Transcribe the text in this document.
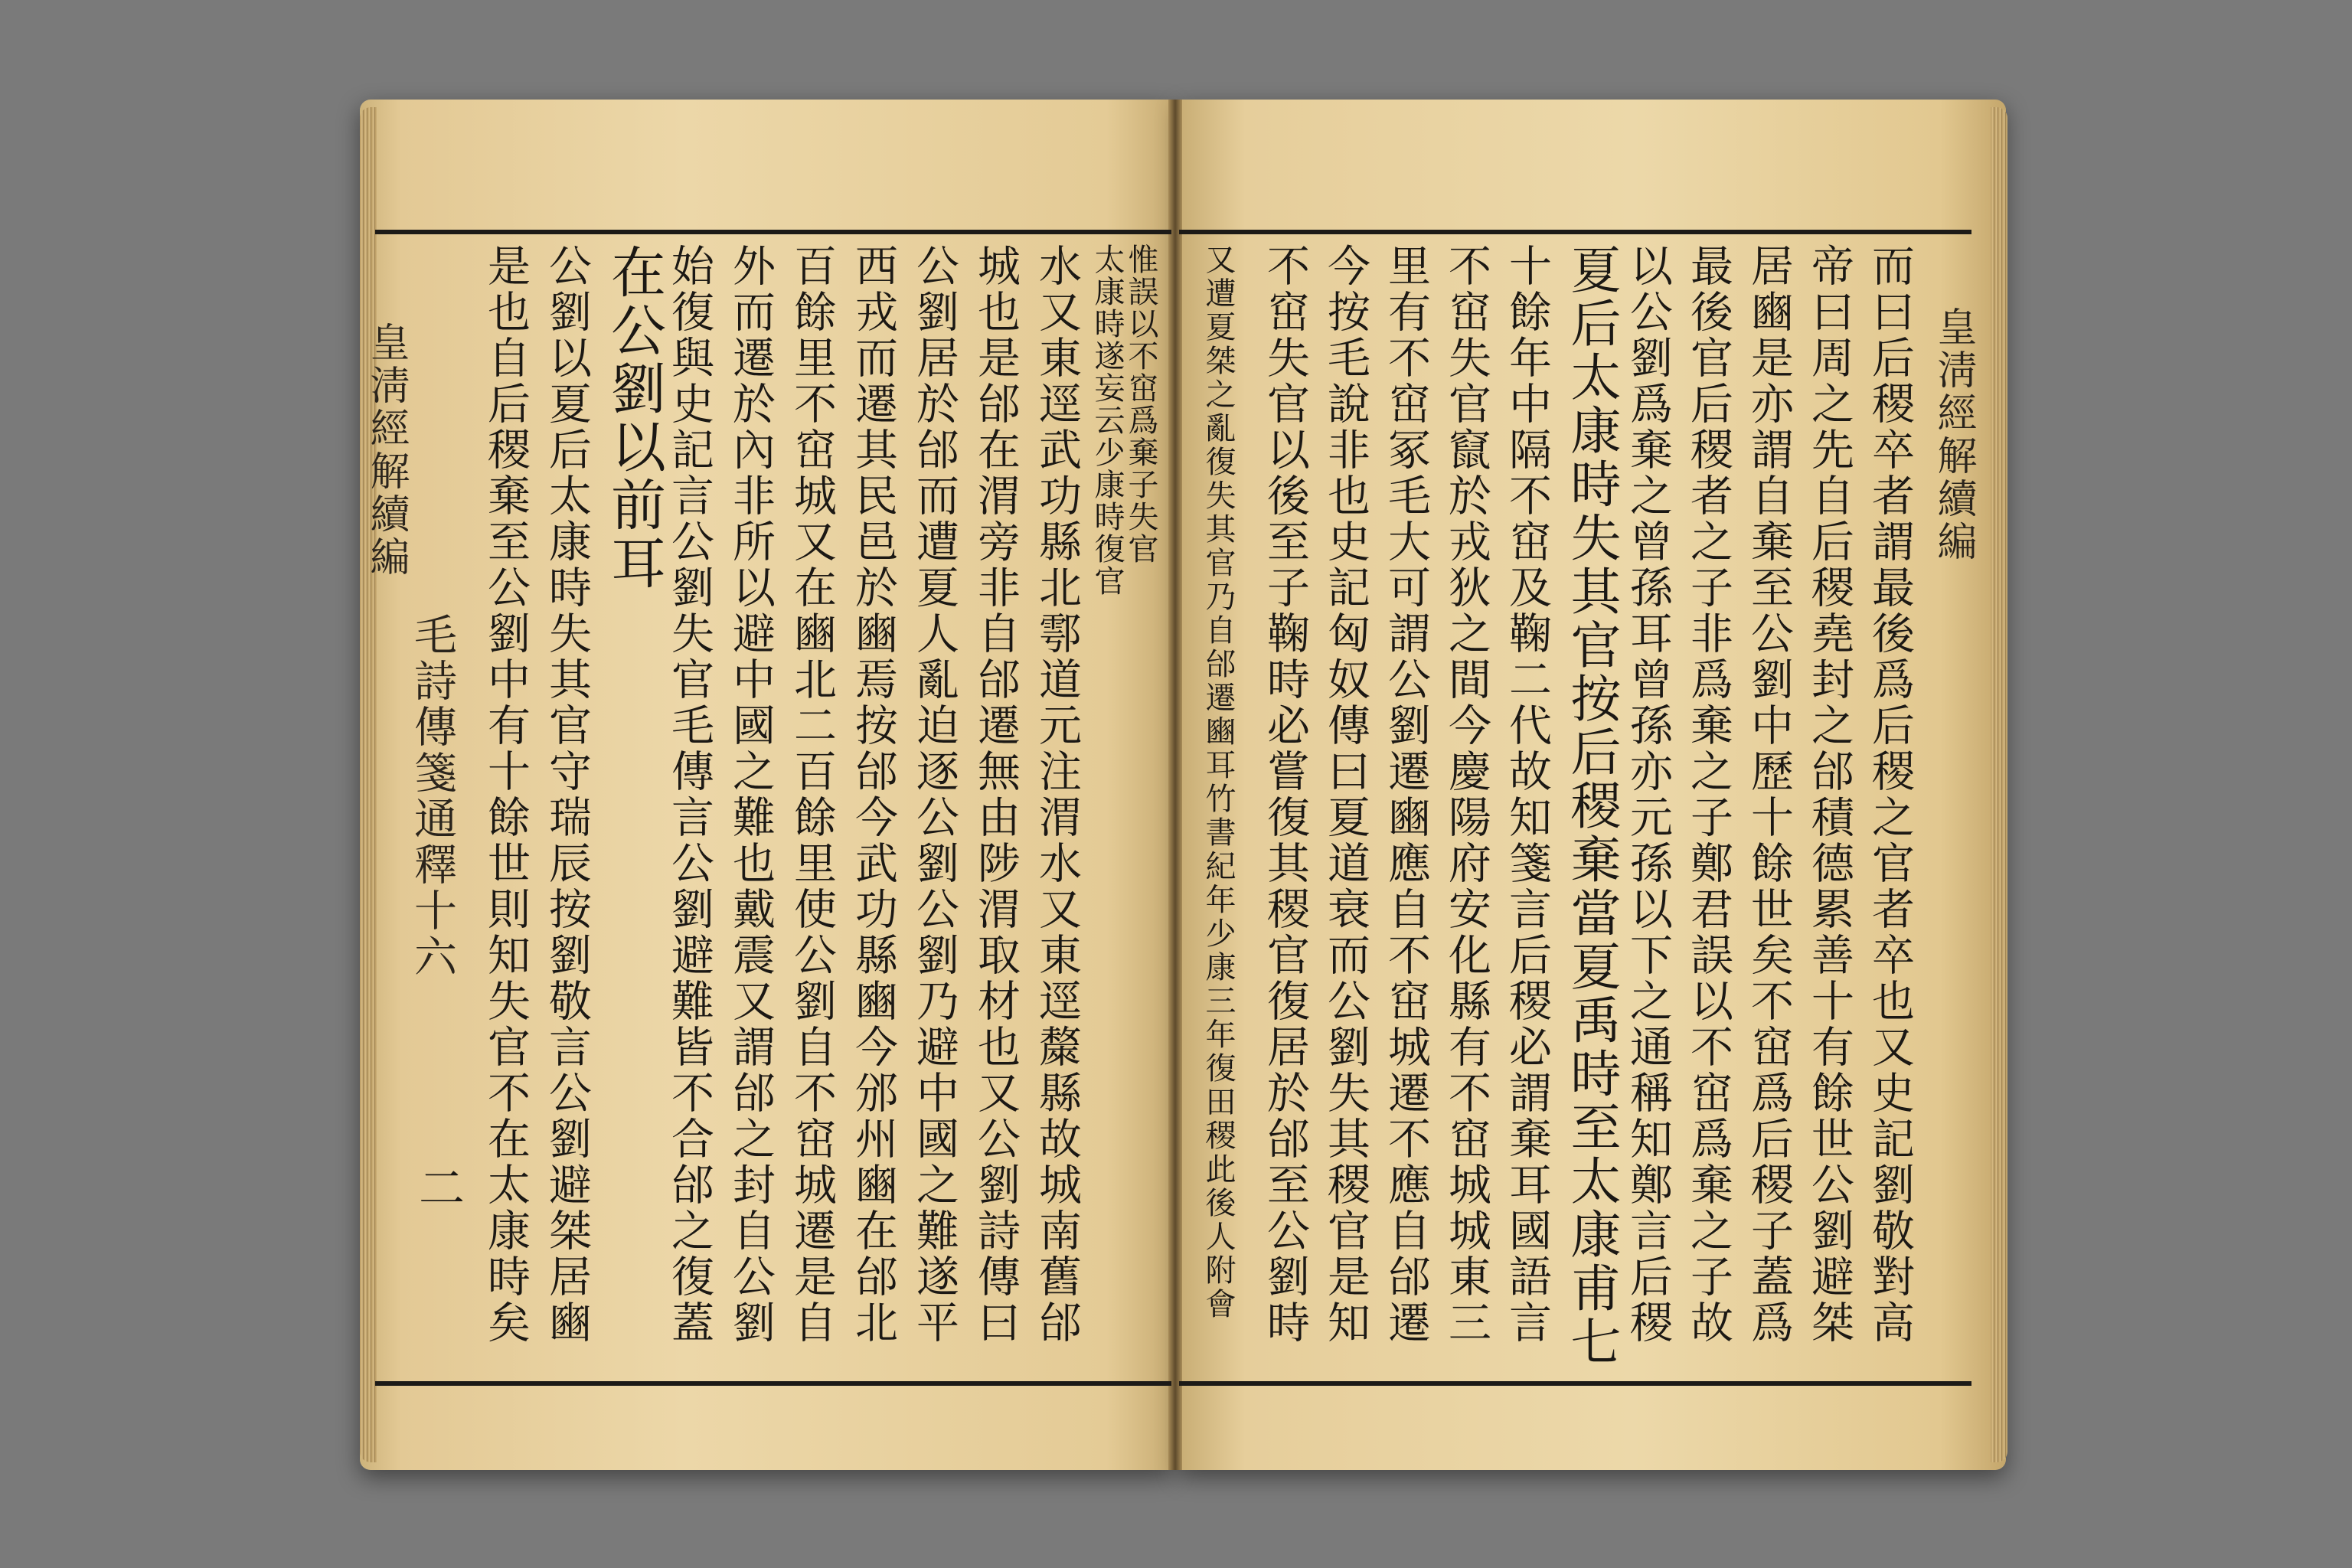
皇淸經解續編
毛詩傳箋通釋十六
二
惟誤以不窋爲棄子失官
太康時遂妄云少康時復官
水又東逕武功縣北鄠道元注渭水又東逕斄縣故城南舊邰
城也是邰在渭旁非自邰遷無由陟渭取材也又公劉詩傳曰
公劉居於邰而遭夏人亂迫逐公劉公劉乃避中國之難遂平
西戎而遷其民邑於豳焉按邰今武功縣豳今邠州豳在邰北
百餘里不窋城又在豳北二百餘里使公劉自不窋城遷是自
外而遷於內非所以避中國之難也戴震又謂邰之封自公劉
始復與史記言公劉失官毛傳言公劉避難皆不合邰之復蓋
在公劉以前耳
公劉以夏后太康時失其官守瑞辰按劉敬言公劉避桀居豳
是也自后稷棄至公劉中有十餘世則知失官不在太康時矣	皇淸經解續編
而曰后稷卒者謂最後爲后稷之官者卒也又史記劉敬對高
帝曰周之先自后稷堯封之邰積德累善十有餘世公劉避桀
居豳是亦謂自棄至公劉中歷十餘世矣不窋爲后稷子蓋爲
最後官后稷者之子非爲棄之子鄭君誤以不窋爲棄之子故
以公劉爲棄之曾孫耳曾孫亦元孫以下之通稱知鄭言后稷
夏后太康時失其官按后稷棄當夏禹時至太康甫七
十餘年中隔不窋及鞠二代故知箋言后稷必謂棄耳國語言
不窋失官竄於戎狄之間今慶陽府安化縣有不窋城城東三
里有不窋冢毛大可謂公劉遷豳應自不窋城遷不應自邰遷
今按毛說非也史記匈奴傳曰夏道衰而公劉失其稷官是知
不窋失官以後至子鞠時必嘗復其稷官復居於邰至公劉時
又遭夏桀之亂復失其官乃自邰遷豳耳竹書紀年少康三年復田稷此後人附會
